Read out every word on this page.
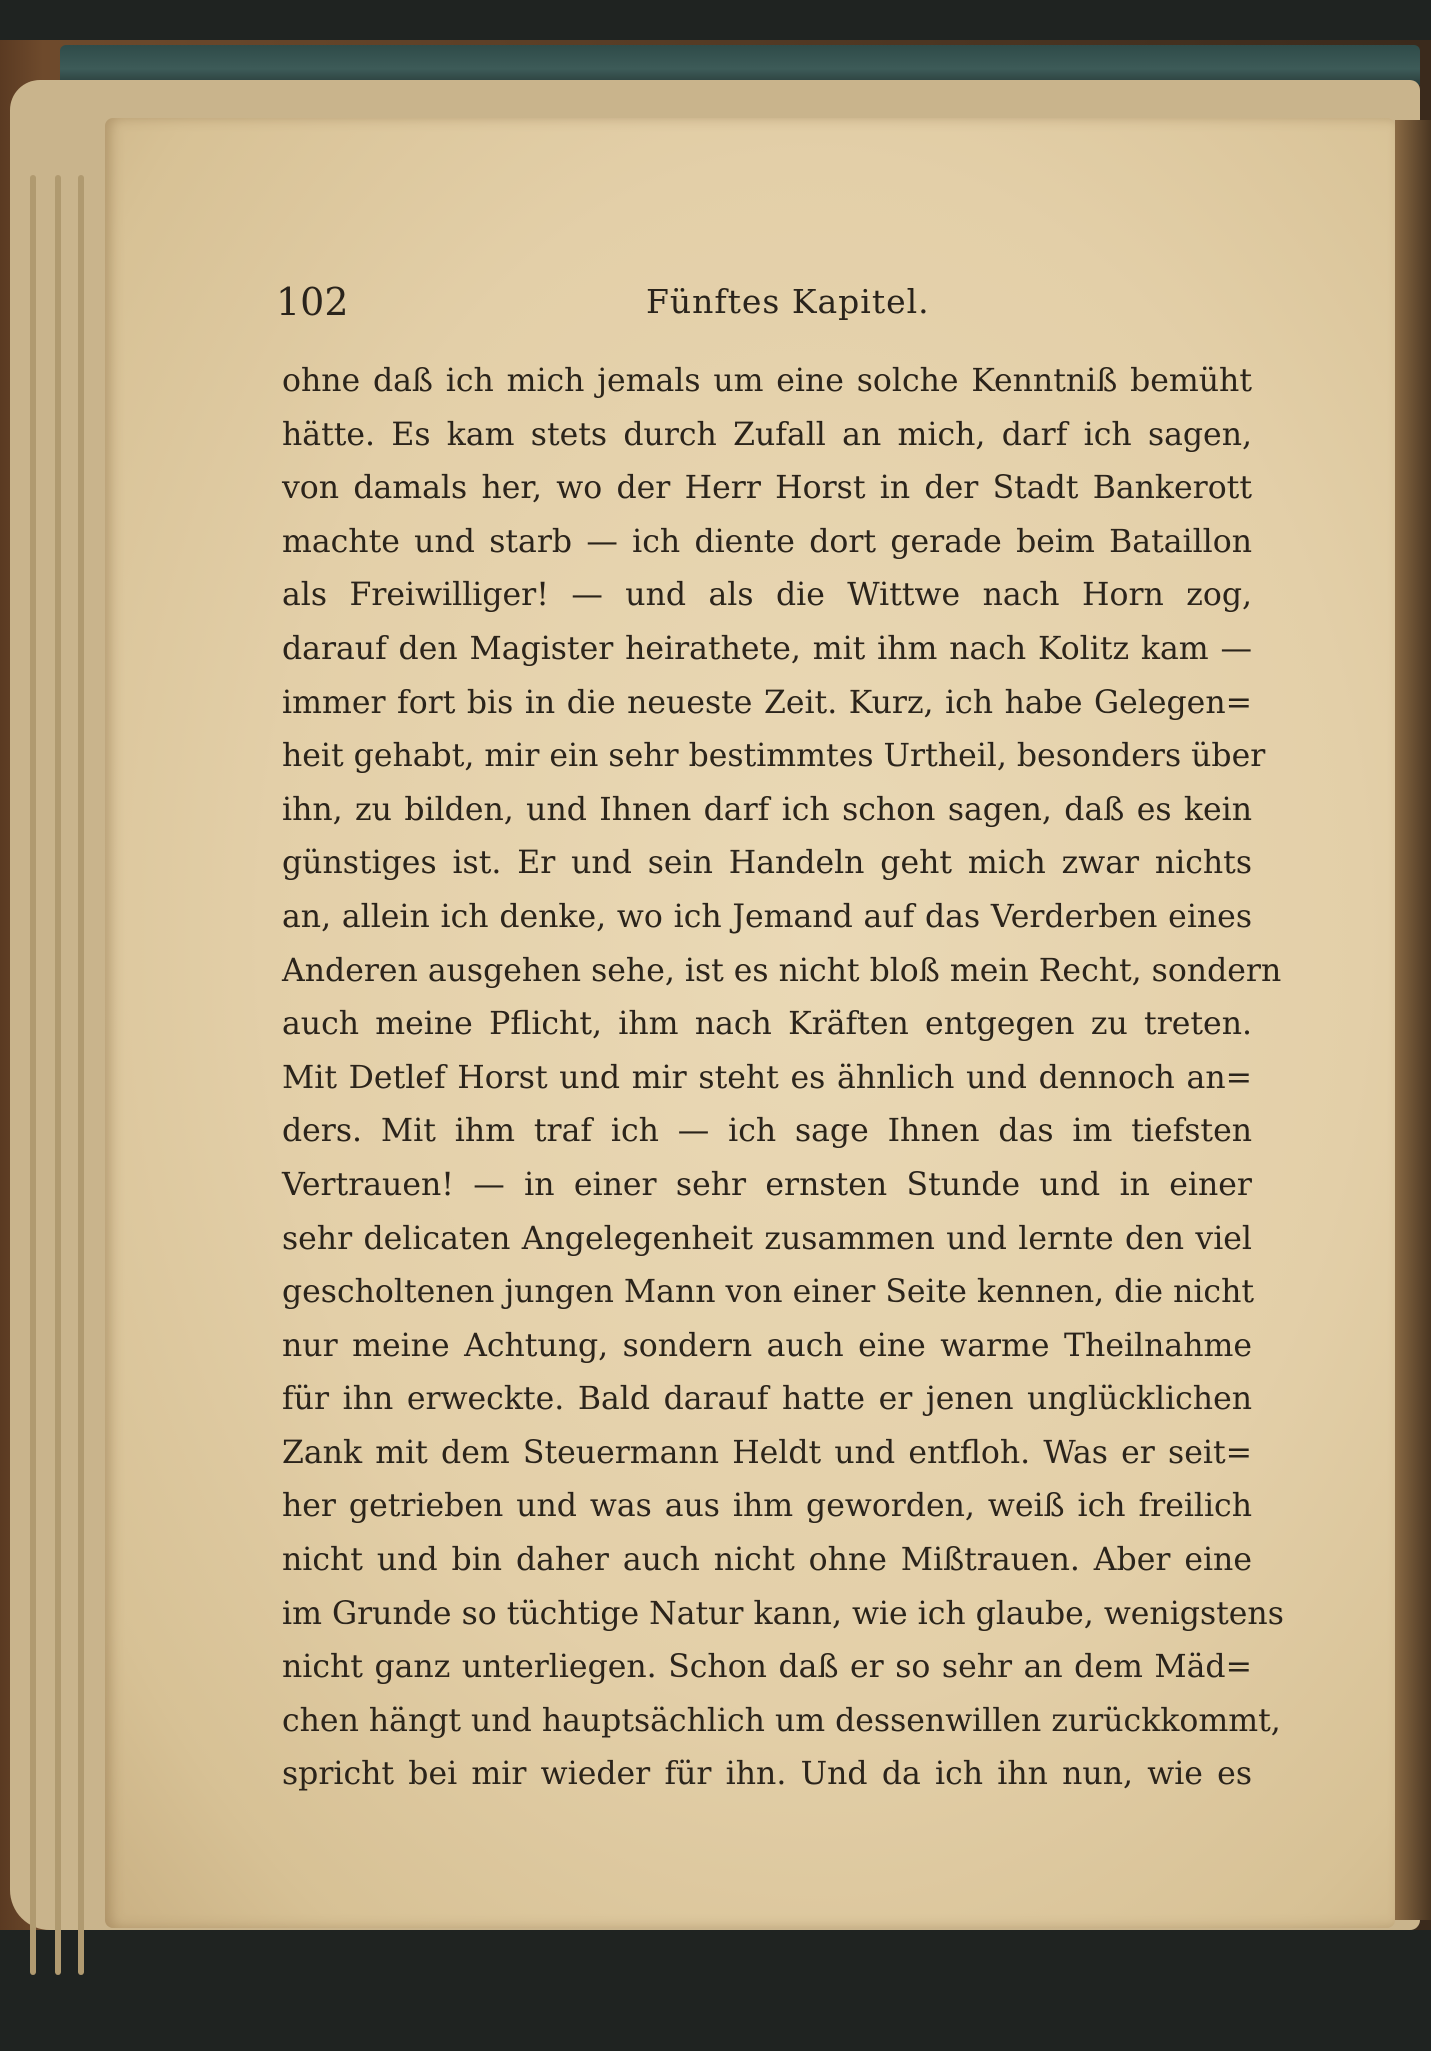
102	Fünftes Kapitel.
ohne daß ich mich jemals um eine solche Kenntniß bemüht
hätte. Es kam stets durch Zufall an mich, darf ich sagen,
von damals her, wo der Herr Horst in der Stadt Bankerott
machte und starb — ich diente dort gerade beim Bataillon
als Freiwilliger! — und als die Wittwe nach Horn zog,
darauf den Magister heirathete, mit ihm nach Kolitz kam —
immer fort bis in die neueste Zeit. Kurz, ich habe Gelegen=
heit gehabt, mir ein sehr bestimmtes Urtheil, besonders über
ihn, zu bilden, und Ihnen darf ich schon sagen, daß es kein
günstiges ist. Er und sein Handeln geht mich zwar nichts
an, allein ich denke, wo ich Jemand auf das Verderben eines
Anderen ausgehen sehe, ist es nicht bloß mein Recht, sondern
auch meine Pflicht, ihm nach Kräften entgegen zu treten.
Mit Detlef Horst und mir steht es ähnlich und dennoch an=
ders. Mit ihm traf ich — ich sage Ihnen das im tiefsten
Vertrauen! — in einer sehr ernsten Stunde und in einer
sehr delicaten Angelegenheit zusammen und lernte den viel
gescholtenen jungen Mann von einer Seite kennen, die nicht
nur meine Achtung, sondern auch eine warme Theilnahme
für ihn erweckte. Bald darauf hatte er jenen unglücklichen
Zank mit dem Steuermann Heldt und entfloh. Was er seit=
her getrieben und was aus ihm geworden, weiß ich freilich
nicht und bin daher auch nicht ohne Mißtrauen. Aber eine
im Grunde so tüchtige Natur kann, wie ich glaube, wenigstens
nicht ganz unterliegen. Schon daß er so sehr an dem Mäd=
chen hängt und hauptsächlich um dessenwillen zurückkommt,
spricht bei mir wieder für ihn. Und da ich ihn nun, wie es
